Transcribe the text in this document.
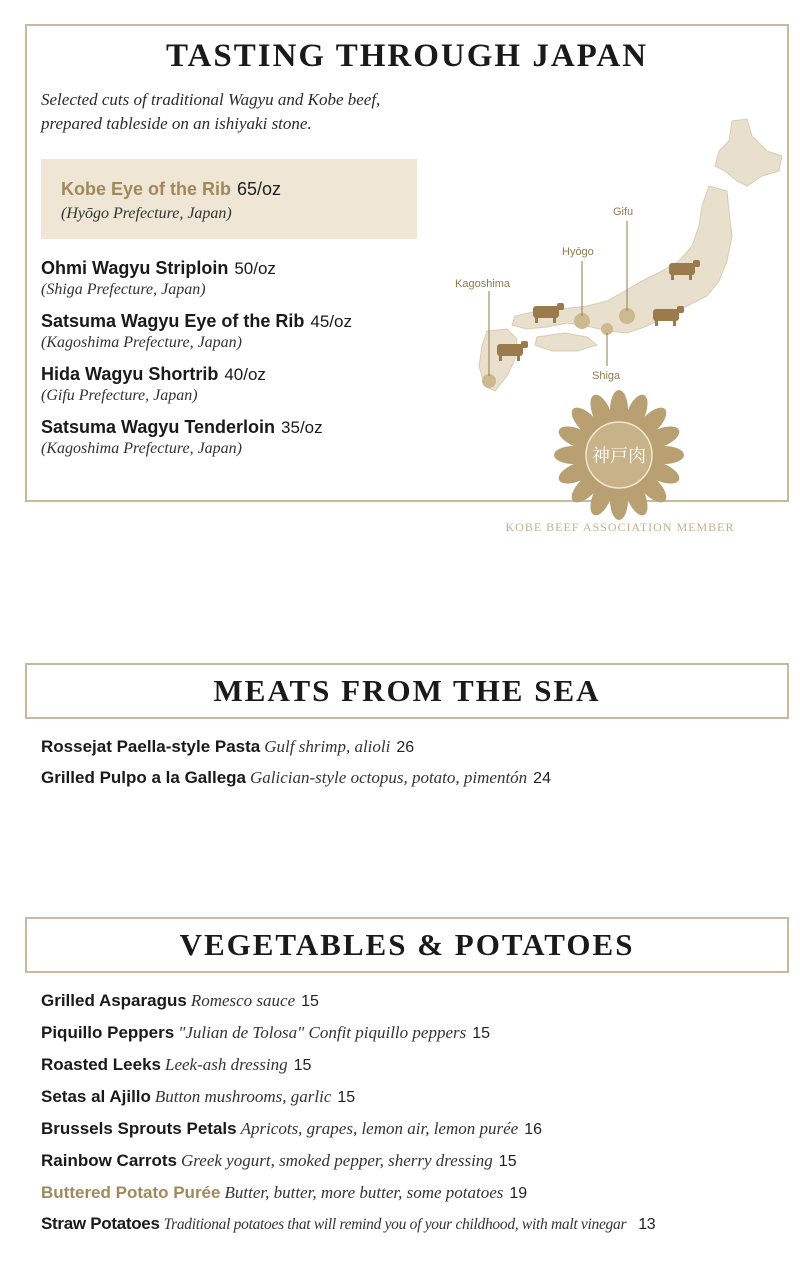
TASTING THROUGH JAPAN
Selected cuts of traditional Wagyu and Kobe beef, prepared tableside on an ishiyaki stone.
Kobe Eye of the Rib 65/oz
(Hyōgo Prefecture, Japan)
Ohmi Wagyu Striploin 50/oz
(Shiga Prefecture, Japan)
Satsuma Wagyu Eye of the Rib 45/oz
(Kagoshima Prefecture, Japan)
Hida Wagyu Shortrib 40/oz
(Gifu Prefecture, Japan)
Satsuma Wagyu Tenderloin 35/oz
(Kagoshima Prefecture, Japan)
Gifu
Hyōgo
Kagoshima
Shiga
神戸肉
KOBE BEEF ASSOCIATION MEMBER
MEATS FROM THE SEA
Rossejat Paella-style Pasta Gulf shrimp, alioli 26
Grilled Pulpo a la Gallega Galician-style octopus, potato, pimentón 24
VEGETABLES & POTATOES
Grilled Asparagus Romesco sauce 15
Piquillo Peppers "Julian de Tolosa" Confit piquillo peppers 15
Roasted Leeks Leek-ash dressing 15
Setas al Ajillo Button mushrooms, garlic 15
Brussels Sprouts Petals Apricots, grapes, lemon air, lemon purée 16
Rainbow Carrots Greek yogurt, smoked pepper, sherry dressing 15
Buttered Potato Purée Butter, butter, more butter, some potatoes 19
Straw Potatoes Traditional potatoes that will remind you of your childhood, with malt vinegar 13
